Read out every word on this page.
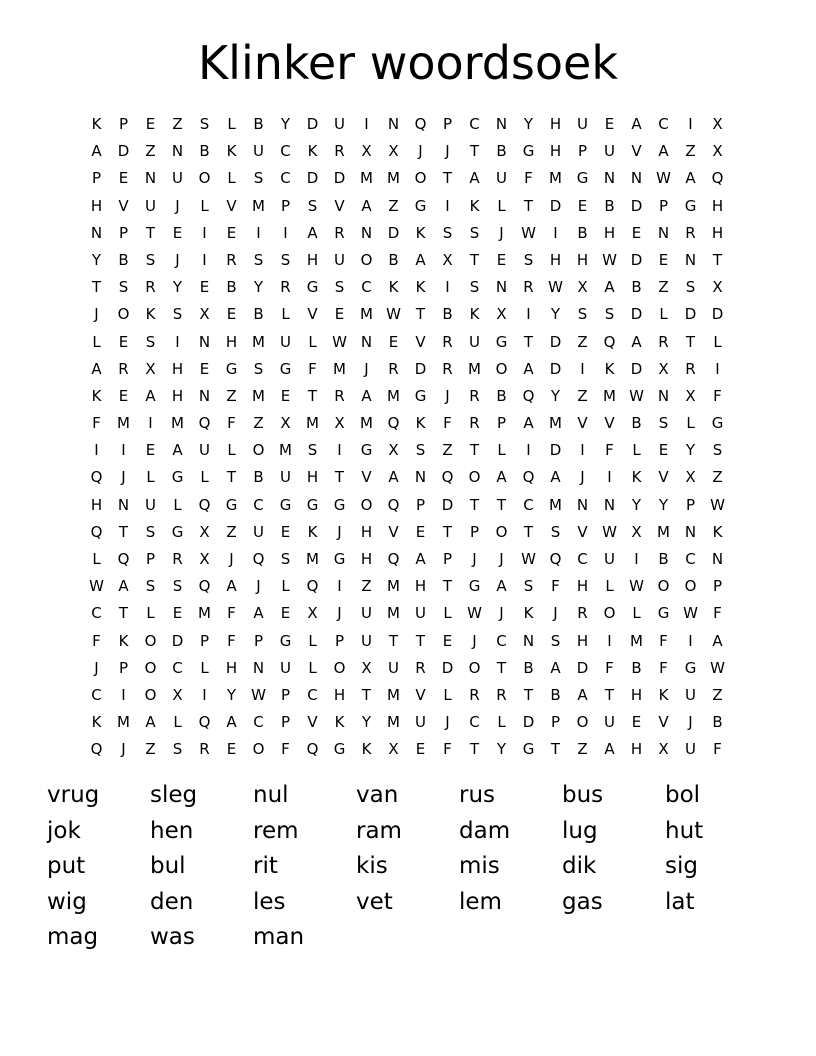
Klinker woordsoek
K	P	E	Z	S	L	B	Y	D	U	I	N	Q	P	C	N	Y	H	U	E	A	C	I	X
A	D	Z	N	B	K	U	C	K	R	X	X	J	J	T	B	G	H	P	U	V	A	Z	X
P	E	N	U	O	L	S	C	D	D M M O	T	A	U	F	M G	N	N W A	Q
H	V	U	J	L	V	M	P	S	V	A	Z	G	I	K	L	T	D	E	B	D	P	G	H
N	P	T	E	I	E	I	I	A	R	N	D	K	S	S	J	W	I	B	H	E	N	R	H
Y	B	S	J	I	R	S	S	H	U	O	B	A	X	T	E	S	H	H W D	E	N	T
T	S	R	Y	E	B	Y	R	G	S	C	K	K	I	S	N	R W X	A	B	Z	S	X
J	O	K	S	X	E	B	L	V	E	M W T	B	K	X	I	Y	S	S	D	L	D	D
L	E	S	I	N	H M	U	L	W N	E	V	R	U	G	T	D	Z	Q	A	R	T	L
A	R	X	H	E	G	S	G	F	M	J	R	D	R	M O	A	D	I	K	D	X	R	I
K	E	A	H	N	Z	M	E	T	R	A	M G	J	R	B	Q	Y	Z	M W N	X	F
F	M	I	M Q	F	Z	X	M	X	M Q	K	F	R	P	A	M	V	V	B	S	L	G
I	I	E	A	U	L	O M	S	I	G	X	S	Z	T	L	I	D	I	F	L	E	Y	S
Q	J	L	G	L	T	B	U	H	T	V	A	N	Q	O	A	Q	A	J	I	K	V	X	Z
H	N	U	L	Q	G	C	G	G	G	O	Q	P	D	T	T	C	M N	N	Y	Y	P	W
Q	T	S	G	X	Z	U	E	K	J	H	V	E	T	P	O	T	S	V W X	M N	K
L	Q	P	R	X	J	Q	S	M G	H	Q	A	P	J	J	W Q	C	U	I	B	C	N
W A	S	S	Q	A	J	L	Q	I	Z	M H	T	G	A	S	F	H	L	W O	O	P
C	T	L	E	M	F	A	E	X	J	U	M	U	L	W	J	K	J	R	O	L	G W	F
F	K	O	D	P	F	P	G	L	P	U	T	T	E	J	C	N	S	H	I	M	F	I	A
J	P	O	C	L	H	N	U	L	O	X	U	R	D	O	T	B	A	D	F	B	F	G W
C	I	O	X	I	Y	W	P	C	H	T	M	V	L	R	R	T	B	A	T	H	K	U	Z
K	M	A	L	Q	A	C	P	V	K	Y	M	U	J	C	L	D	P	O	U	E	V	J	B
Q	J	Z	S	R	E	O	F	Q	G	K	X	E	F	T	Y	G	T	Z	A	H	X	U	F
vrug	sleg	nul	van	rus	bus	bol
jok	hen	rem	ram	dam	lug	hut
put	bul	rit	kis	mis	dik	sig
wig	den	les	vet	lem	gas	lat
mag	was	man
